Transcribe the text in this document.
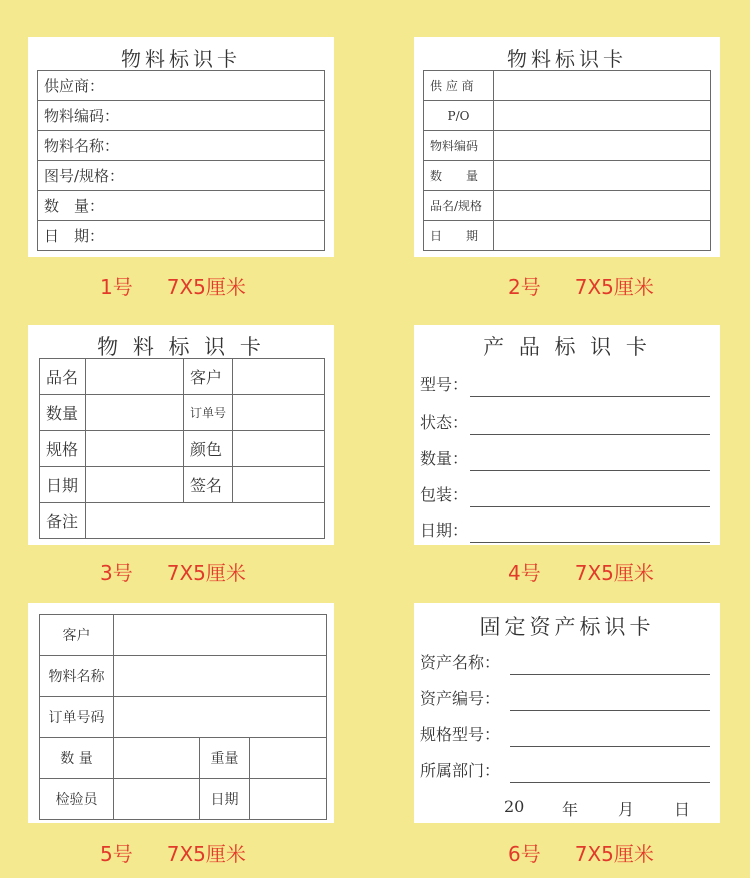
物料标识卡
供应商：
物料编码：
物料名称：
图号/规格：
数　量：
日　期：
1号 7X5厘米
物料标识卡
供 应 商	
P/O	
物料编码	
数　　量	
品名/规格	
日　　期	
2号 7X5厘米
物 料 标 识 卡
品名		客户	
数量		订单号	
规格		颜色	
日期		签名	
备注			
3号 7X5厘米
产 品 标 识 卡
型号：
状态：
数量：
包装：
日期：
4号 7X5厘米
客户			
物料名称			
订单号码			
数 量		重量	
检验员		日期	
5号 7X5厘米
固定资产标识卡
资产名称：
资产编号：
规格型号：
所属部门：
20 年 月 日
6号 7X5厘米
